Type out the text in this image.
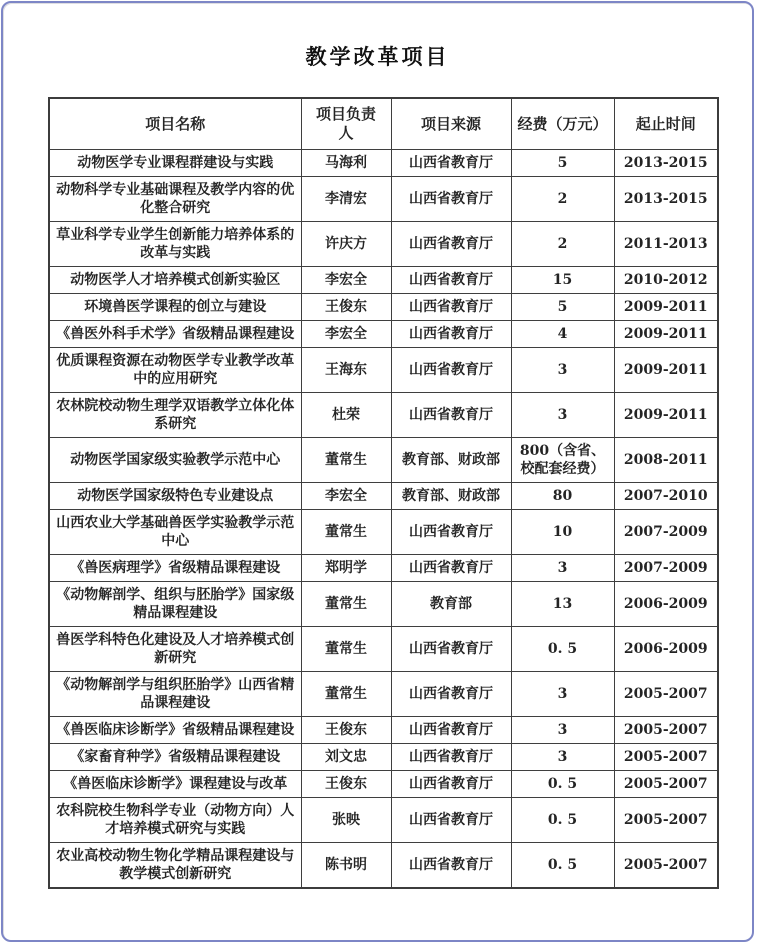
教学改革项目
项目名称	项目负责人	项目来源	经费（万元）	起止时间
动物医学专业课程群建设与实践	马海利	山西省教育厅	5	2013-2015
动物科学专业基础课程及教学内容的优化整合研究	李清宏	山西省教育厅	2	2013-2015
草业科学专业学生创新能力培养体系的改革与实践	许庆方	山西省教育厅	2	2011-2013
动物医学人才培养模式创新实验区	李宏全	山西省教育厅	15	2010-2012
环境兽医学课程的创立与建设	王俊东	山西省教育厅	5	2009-2011
《兽医外科手术学》省级精品课程建设	李宏全	山西省教育厅	4	2009-2011
优质课程资源在动物医学专业教学改革中的应用研究	王海东	山西省教育厅	3	2009-2011
农林院校动物生理学双语教学立体化体系研究	杜荣	山西省教育厅	3	2009-2011
动物医学国家级实验教学示范中心	董常生	教育部、财政部	800（含省、校配套经费）	2008-2011
动物医学国家级特色专业建设点	李宏全	教育部、财政部	80	2007-2010
山西农业大学基础兽医学实验教学示范中心	董常生	山西省教育厅	10	2007-2009
《兽医病理学》省级精品课程建设	郑明学	山西省教育厅	3	2007-2009
《动物解剖学、组织与胚胎学》国家级精品课程建设	董常生	教育部	13	2006-2009
兽医学科特色化建设及人才培养模式创新研究	董常生	山西省教育厅	0. 5	2006-2009
《动物解剖学与组织胚胎学》山西省精品课程建设	董常生	山西省教育厅	3	2005-2007
《兽医临床诊断学》省级精品课程建设	王俊东	山西省教育厅	3	2005-2007
《家畜育种学》省级精品课程建设	刘文忠	山西省教育厅	3	2005-2007
《兽医临床诊断学》课程建设与改革	王俊东	山西省教育厅	0. 5	2005-2007
农科院校生物科学专业（动物方向）人才培养模式研究与实践	张映	山西省教育厅	0. 5	2005-2007
农业高校动物生物化学精品课程建设与教学模式创新研究	陈书明	山西省教育厅	0. 5	2005-2007
